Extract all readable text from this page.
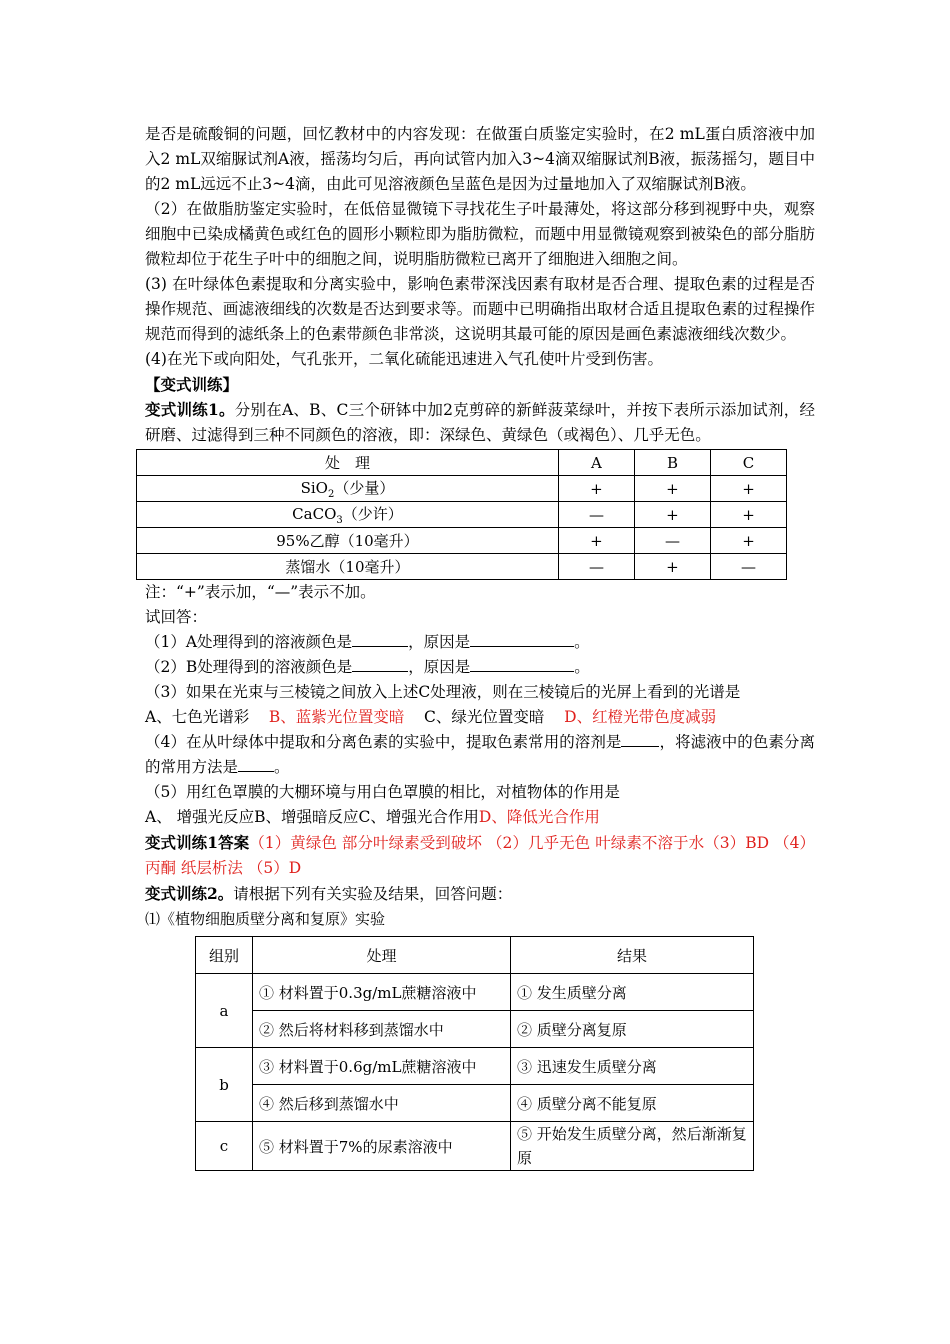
是否是硫酸铜的问题，回忆教材中的内容发现：在做蛋白质鉴定实验时，在2 mL蛋白质溶液中加入2 mL双缩脲试剂A液，摇荡均匀后，再向试管内加入3~4滴双缩脲试剂B液，振荡摇匀，题目中的2 mL远远不止3~4滴，由此可见溶液颜色呈蓝色是因为过量地加入了双缩脲试剂B液。

（2）在做脂肪鉴定实验时，在低倍显微镜下寻找花生子叶最薄处，将这部分移到视野中央，观察细胞中已染成橘黄色或红色的圆形小颗粒即为脂肪微粒，而题中用显微镜观察到被染色的部分脂肪微粒却位于花生子叶中的细胞之间，说明脂肪微粒已离开了细胞进入细胞之间。

(3) 在叶绿体色素提取和分离实验中，影响色素带深浅因素有取材是否合理、提取色素的过程是否操作规范、画滤液细线的次数是否达到要求等。而题中已明确指出取材合适且提取色素的过程操作规范而得到的滤纸条上的色素带颜色非常淡，这说明其最可能的原因是画色素滤液细线次数少。

(4)在光下或向阳处，气孔张开，二氧化硫能迅速进入气孔使叶片受到伤害。

【变式训练】

变式训练1。分别在A、B、C三个研钵中加2克剪碎的新鲜菠菜绿叶，并按下表所示添加试剂，经研磨、过滤得到三种不同颜色的溶液，即：深绿色、黄绿色（或褐色）、几乎无色。

处　理	A	B	C
SiO$_2$（少量）	+	+	+
CaCO$_3$（少许）	—	+	+
95%乙醇（10毫升）	+	—	+
蒸馏水（10毫升）	—	+	—

注：“+”表示加，“—”表示不加。

试回答：

（1）A处理得到的溶液颜色是	，原因是	。

（2）B处理得到的溶液颜色是	，原因是	。

（3）如果在光束与三棱镜之间放入上述C处理液，则在三棱镜后的光屏上看到的光谱是

A、七色光谱彩 B、蓝紫光位置变暗 C、绿光位置变暗 D、红橙光带色度减弱

（4）在从叶绿体中提取和分离色素的实验中，提取色素常用的溶剂是 ，将滤液中的色素分离的常用方法是 。

（5）用红色罩膜的大棚环境与用白色罩膜的相比，对植物体的作用是

A、 增强光反应B、增强暗反应C、增强光合作用D、降低光合作用

变式训练1答案（1）黄绿色 部分叶绿素受到破坏 （2）几乎无色 叶绿素不溶于水（3）BD （4）丙酮 纸层析法 （5）D

变式训练2。请根据下列有关实验及结果，回答问题：

⑴《植物细胞质壁分离和复原》实验

组别	处理	结果
a	① 材料置于0.3g/mL蔗糖溶液中	① 发生质壁分离
	② 然后将材料移到蒸馏水中	② 质壁分离复原
b	③ 材料置于0.6g/mL蔗糖溶液中	③ 迅速发生质壁分离
	④ 然后移到蒸馏水中	④ 质壁分离不能复原
c	⑤ 材料置于7%的尿素溶液中	⑤ 开始发生质壁分离，然后渐渐复原
